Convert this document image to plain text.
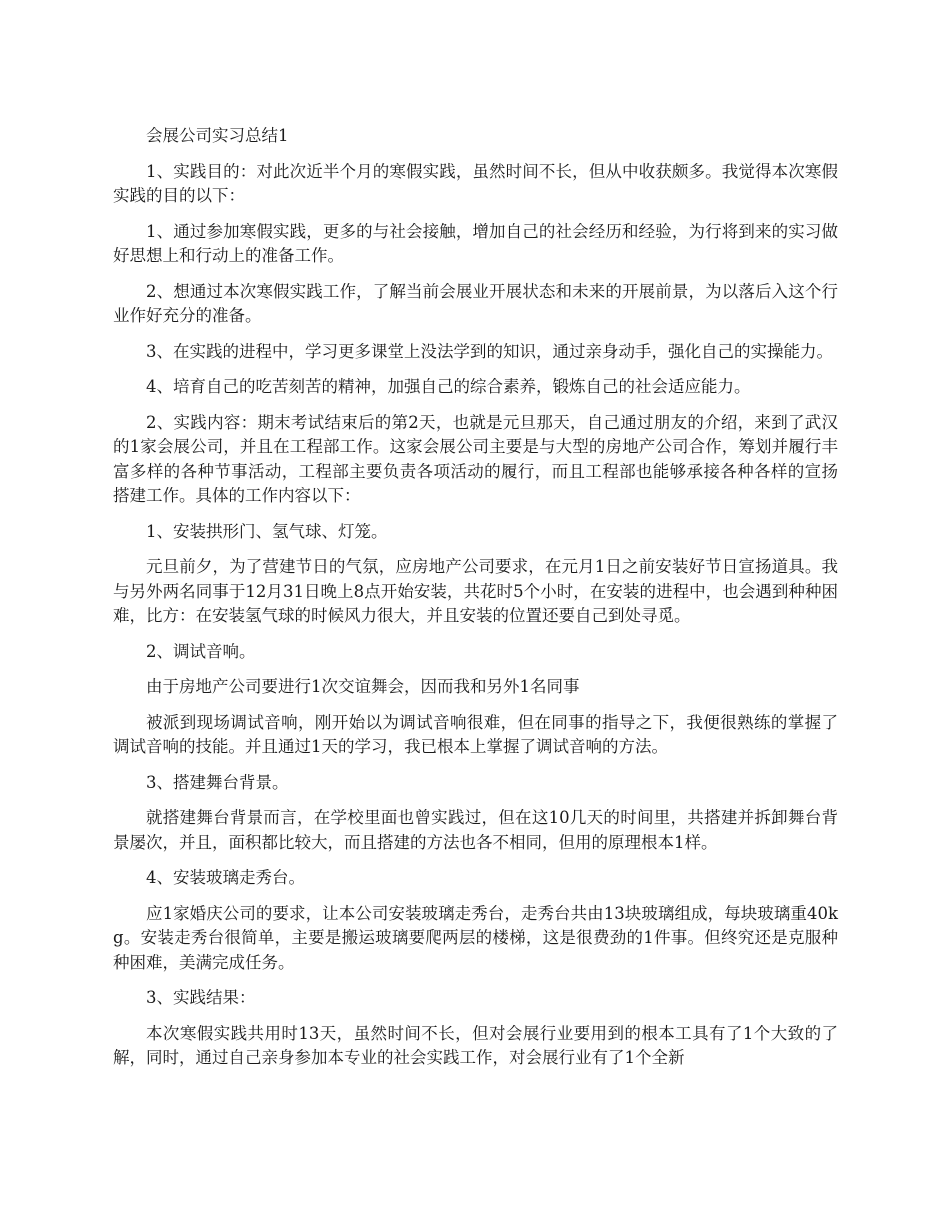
会展公司实习总结1

1、实践目的：对此次近半个月的寒假实践，虽然时间不长，但从中收获颇多。我觉得本次寒假实践的目的以下：

1、通过参加寒假实践，更多的与社会接触，增加自己的社会经历和经验，为行将到来的实习做好思想上和行动上的准备工作。

2、想通过本次寒假实践工作，了解当前会展业开展状态和未来的开展前景，为以落后入这个行业作好充分的准备。

3、在实践的进程中，学习更多课堂上没法学到的知识，通过亲身动手，强化自己的实操能力。

4、培育自己的吃苦刻苦的精神，加强自己的综合素养，锻炼自己的社会适应能力。

2、实践内容：期末考试结束后的第2天，也就是元旦那天，自己通过朋友的介绍，来到了武汉的1家会展公司，并且在工程部工作。这家会展公司主要是与大型的房地产公司合作，筹划并履行丰富多样的各种节事活动，工程部主要负责各项活动的履行，而且工程部也能够承接各种各样的宣扬搭建工作。具体的工作内容以下：

1、安装拱形门、氢气球、灯笼。

元旦前夕，为了营建节日的气氛，应房地产公司要求，在元月1日之前安装好节日宣扬道具。我与另外两名同事于12月31日晚上8点开始安装，共花时5个小时，在安装的进程中，也会遇到种种困难，比方：在安装氢气球的时候风力很大，并且安装的位置还要自己到处寻觅。

2、调试音响。

由于房地产公司要进行1次交谊舞会，因而我和另外1名同事

被派到现场调试音响，刚开始以为调试音响很难，但在同事的指导之下，我便很熟练的掌握了调试音响的技能。并且通过1天的学习，我已根本上掌握了调试音响的方法。

3、搭建舞台背景。

就搭建舞台背景而言，在学校里面也曾实践过，但在这10几天的时间里，共搭建并拆卸舞台背景屡次，并且，面积都比较大，而且搭建的方法也各不相同，但用的原理根本1样。

4、安装玻璃走秀台。

应1家婚庆公司的要求，让本公司安装玻璃走秀台，走秀台共由13块玻璃组成，每块玻璃重40kg。安装走秀台很简单，主要是搬运玻璃要爬两层的楼梯，这是很费劲的1件事。但终究还是克服种种困难，美满完成任务。

3、实践结果：

本次寒假实践共用时13天，虽然时间不长，但对会展行业要用到的根本工具有了1个大致的了解，同时，通过自己亲身参加本专业的社会实践工作，对会展行业有了1个全新
